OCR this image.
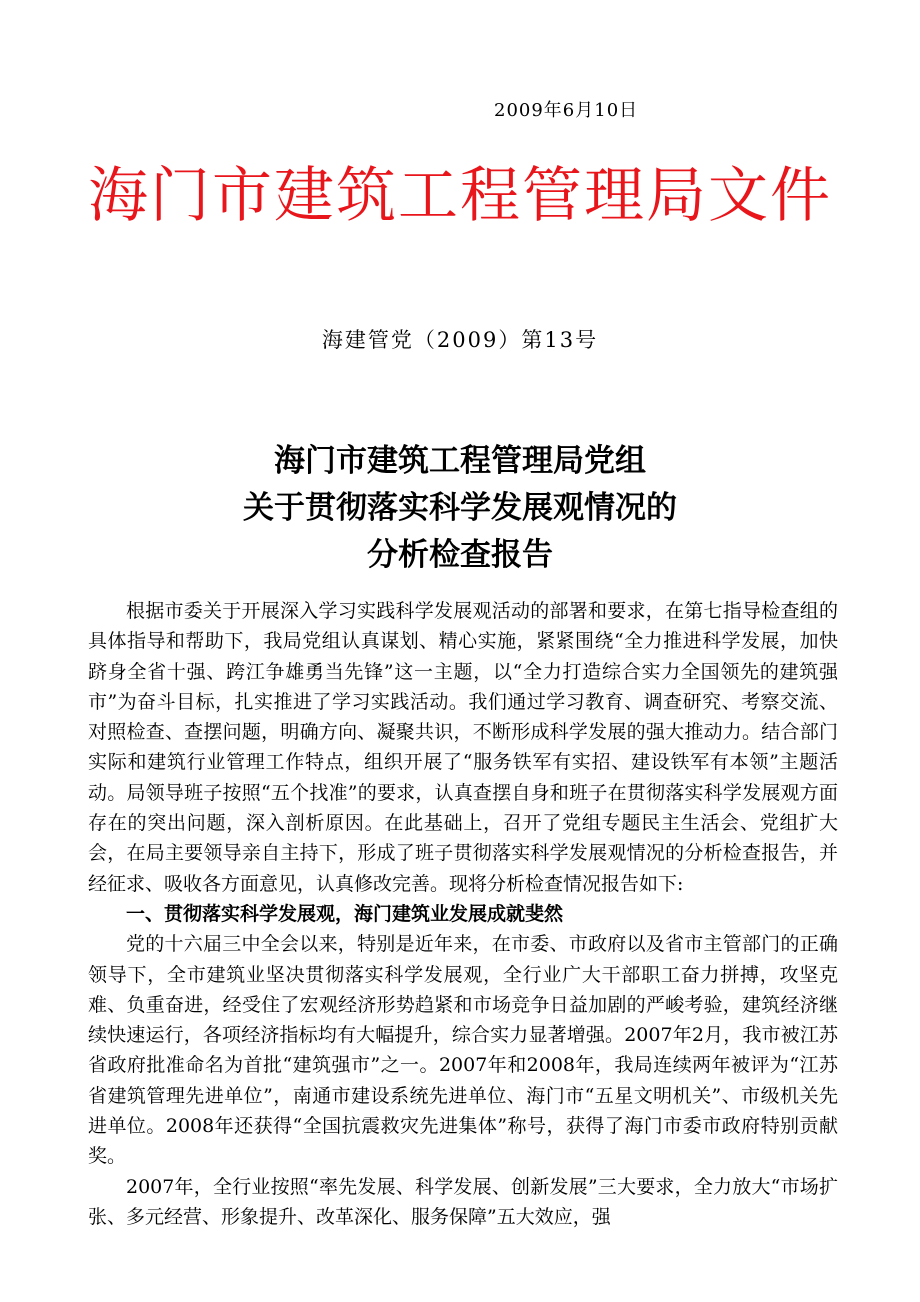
2009年6月10日
海门市建筑工程管理局文件
海建管党（2009）第13号
海门市建筑工程管理局党组
关于贯彻落实科学发展观情况的
分析检查报告

根据市委关于开展深入学习实践科学发展观活动的部署和要求，在第七指导检查组的具体指导和帮助下，我局党组认真谋划、精心实施，紧紧围绕“全力推进科学发展，加快跻身全省十强、跨江争雄勇当先锋”这一主题，以“全力打造综合实力全国领先的建筑强市”为奋斗目标，扎实推进了学习实践活动。我们通过学习教育、调查研究、考察交流、对照检查、查摆问题，明确方向、凝聚共识，不断形成科学发展的强大推动力。结合部门实际和建筑行业管理工作特点，组织开展了“服务铁军有实招、建设铁军有本领”主题活动。局领导班子按照“五个找准”的要求，认真查摆自身和班子在贯彻落实科学发展观方面存在的突出问题，深入剖析原因。在此基础上，召开了党组专题民主生活会、党组扩大会，在局主要领导亲自主持下，形成了班子贯彻落实科学发展观情况的分析检查报告，并经征求、吸收各方面意见，认真修改完善。现将分析检查情况报告如下:

一、贯彻落实科学发展观，海门建筑业发展成就斐然

党的十六届三中全会以来，特别是近年来，在市委、市政府以及省市主管部门的正确领导下，全市建筑业坚决贯彻落实科学发展观，全行业广大干部职工奋力拼搏，攻坚克难、负重奋进，经受住了宏观经济形势趋紧和市场竞争日益加剧的严峻考验，建筑经济继续快速运行，各项经济指标均有大幅提升，综合实力显著增强。2007年2月，我市被江苏省政府批准命名为首批“建筑强市”之一。2007年和2008年，我局连续两年被评为“江苏省建筑管理先进单位”，南通市建设系统先进单位、海门市“五星文明机关”、市级机关先进单位。2008年还获得“全国抗震救灾先进集体”称号，获得了海门市委市政府特别贡献奖。

2007年，全行业按照“率先发展、科学发展、创新发展”三大要求，全力放大“市场扩张、多元经营、形象提升、改革深化、服务保障”五大效应，强
